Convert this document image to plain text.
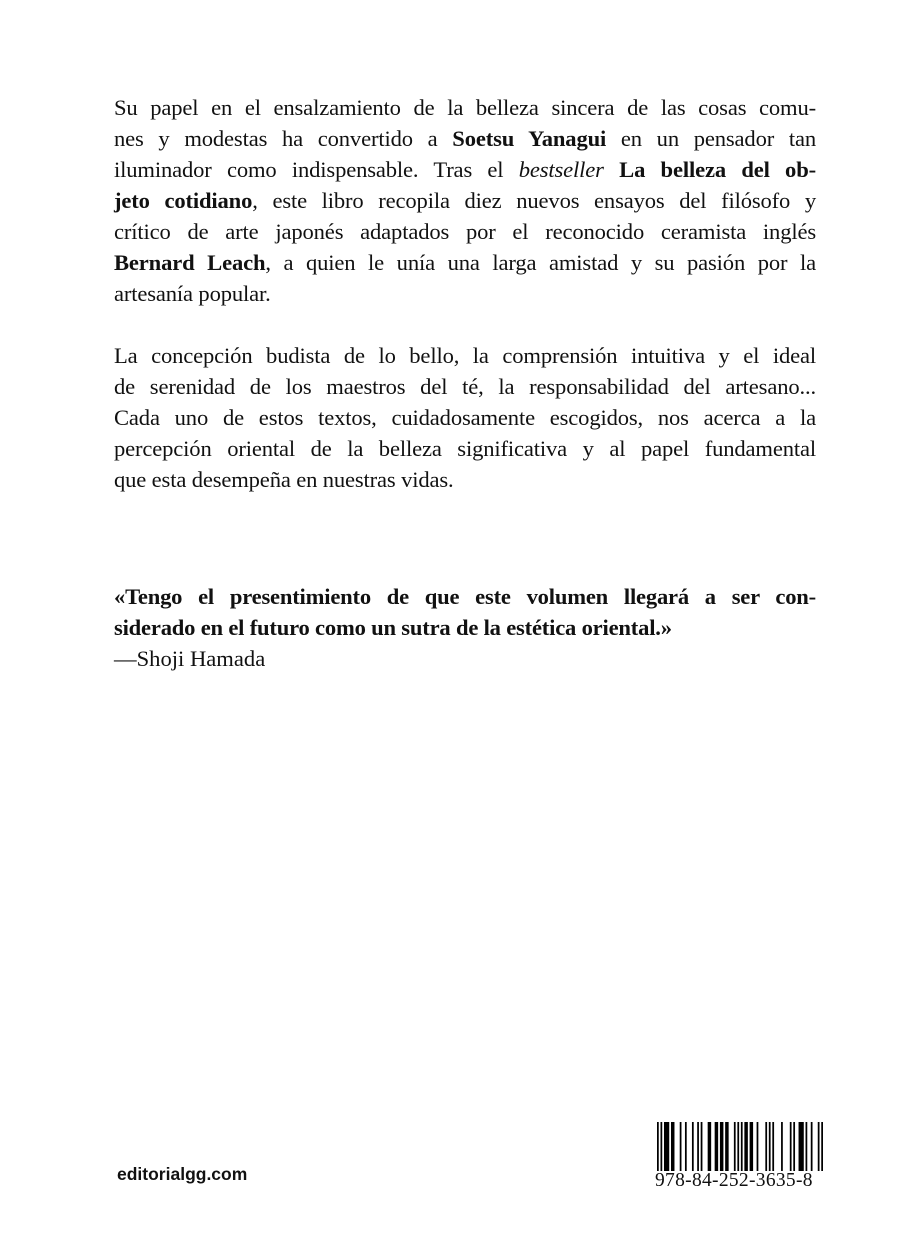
Su papel en el ensalzamiento de la belleza sincera de las cosas comu-
nes y modestas ha convertido a Soetsu Yanagui en un pensador tan
iluminador como indispensable. Tras el bestseller La belleza del ob-
jeto cotidiano, este libro recopila diez nuevos ensayos del filósofo y
crítico de arte japonés adaptados por el reconocido ceramista inglés
Bernard Leach, a quien le unía una larga amistad y su pasión por la
artesanía popular.
La concepción budista de lo bello, la comprensión intuitiva y el ideal
de serenidad de los maestros del té, la responsabilidad del artesano...
Cada uno de estos textos, cuidadosamente escogidos, nos acerca a la
percepción oriental de la belleza significativa y al papel fundamental
que esta desempeña en nuestras vidas.
«Tengo el presentimiento de que este volumen llegará a ser con-
siderado en el futuro como un sutra de la estética oriental.»
—Shoji Hamada
editorialgg.com	978-84-252-3635-8
